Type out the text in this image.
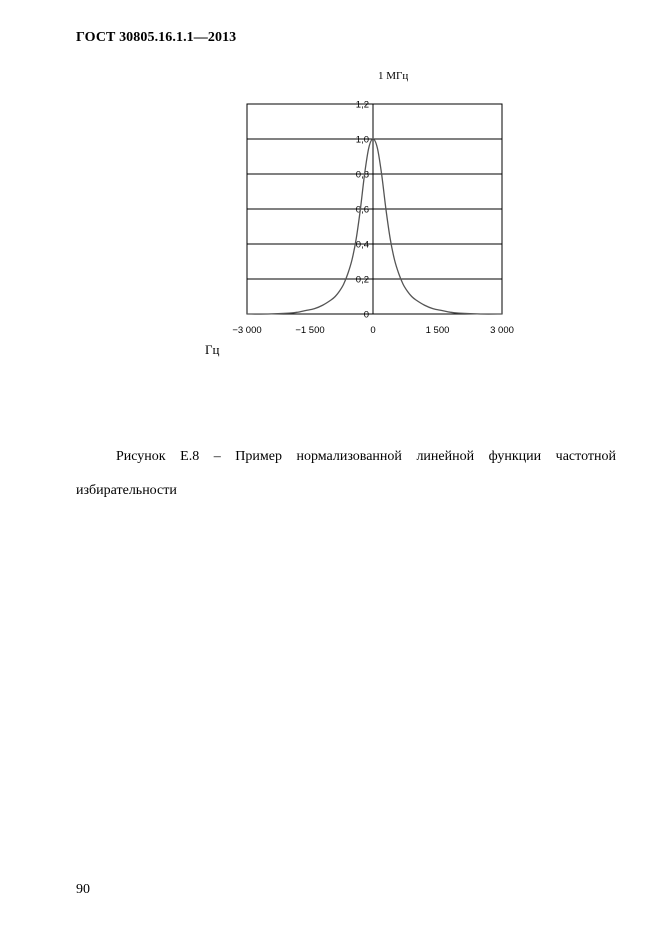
ГОСТ 30805.16.1.1—2013
0
0,2
0,4
0,6
0,8
1,0
1,2
−3 000	−1 500	0	1 500	3 000
1 МГц
Гц
Рисунок Е.8 – Пример нормализованной линейной функции частотной избирательности
90
